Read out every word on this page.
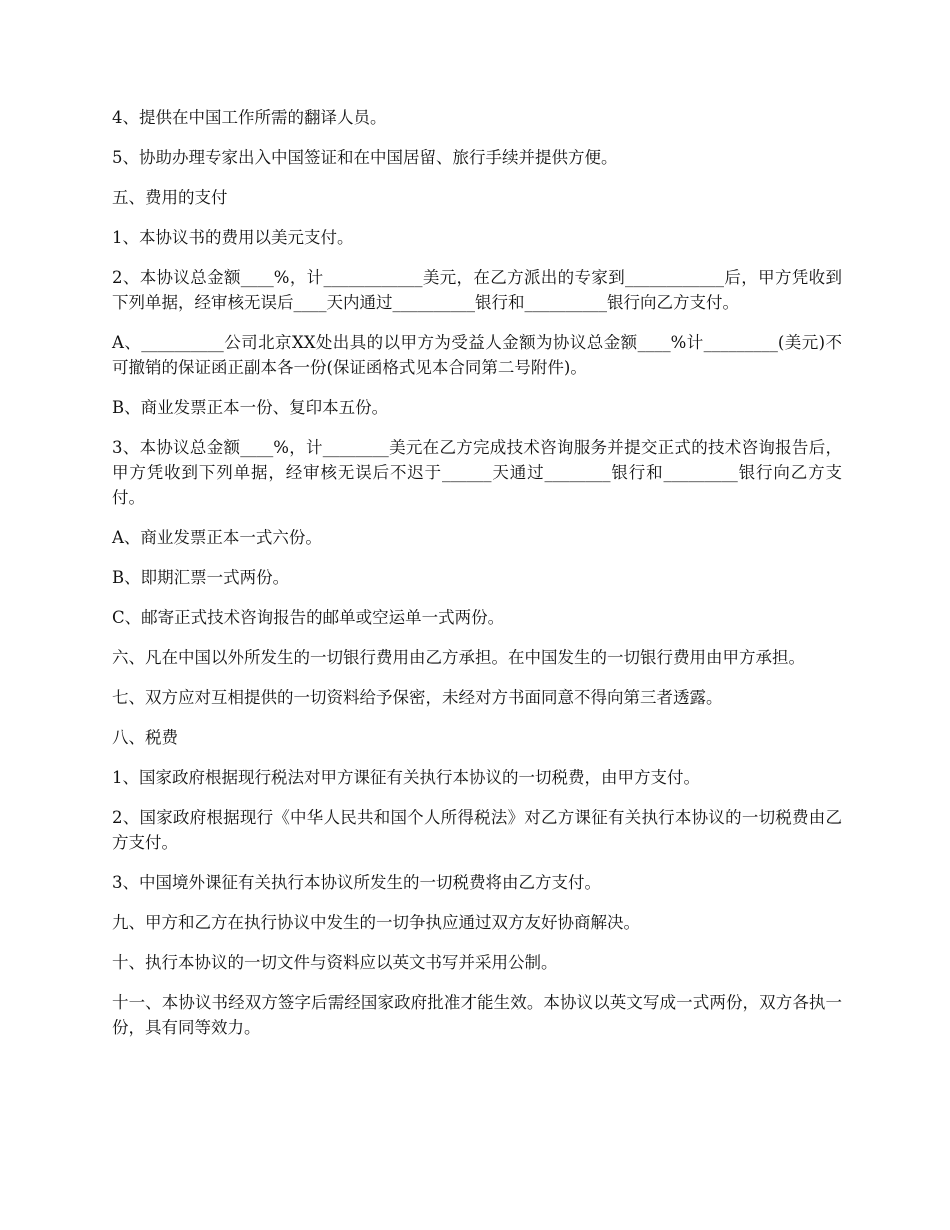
4、提供在中国工作所需的翻译人员。

5、协助办理专家出入中国签证和在中国居留、旅行手续并提供方便。

五、费用的支付

1、本协议书的费用以美元支付。

2、本协议总金额____%，计____________美元，在乙方派出的专家到____________后，甲方凭收到下列单据，经审核无误后____天内通过__________银行和__________银行向乙方支付。

A、__________公司北京XX处出具的以甲方为受益人金额为协议总金额____%计_________(美元)不可撤销的保证函正副本各一份(保证函格式见本合同第二号附件)。

B、商业发票正本一份、复印本五份。

3、本协议总金额____%，计________美元在乙方完成技术咨询服务并提交正式的技术咨询报告后，甲方凭收到下列单据，经审核无误后不迟于______天通过________银行和_________银行向乙方支付。

A、商业发票正本一式六份。

B、即期汇票一式两份。

C、邮寄正式技术咨询报告的邮单或空运单一式两份。

六、凡在中国以外所发生的一切银行费用由乙方承担。在中国发生的一切银行费用由甲方承担。

七、双方应对互相提供的一切资料给予保密，未经对方书面同意不得向第三者透露。

八、税费

1、国家政府根据现行税法对甲方课征有关执行本协议的一切税费，由甲方支付。

2、国家政府根据现行《中华人民共和国个人所得税法》对乙方课征有关执行本协议的一切税费由乙方支付。

3、中国境外课征有关执行本协议所发生的一切税费将由乙方支付。

九、甲方和乙方在执行协议中发生的一切争执应通过双方友好协商解决。

十、执行本协议的一切文件与资料应以英文书写并采用公制。

十一、本协议书经双方签字后需经国家政府批准才能生效。本协议以英文写成一式两份，双方各执一份，具有同等效力。
